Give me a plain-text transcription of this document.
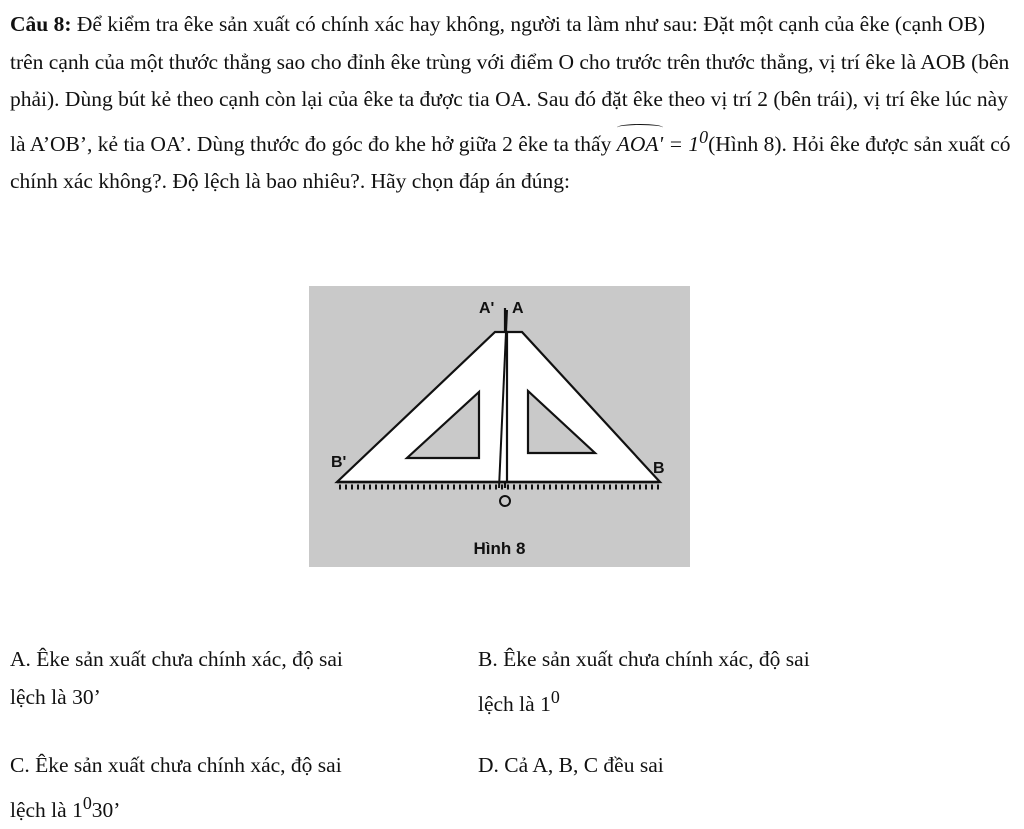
Câu 8: Để kiểm tra êke sản xuất có chính xác hay không, người ta làm như sau: Đặt một cạnh của êke (cạnh OB) trên cạnh của một thước thẳng sao cho đỉnh êke trùng với điểm O cho trước trên thước thẳng, vị trí êke là AOB (bên phải). Dùng bút kẻ theo cạnh còn lại của êke ta được tia OA. Sau đó đặt êke theo vị trí 2 (bên trái), vị trí êke lúc này là A’OB’, kẻ tia OA’. Dùng thước đo góc đo khe hở giữa 2 êke ta thấy $AOA' = 1^0(Hình$ 8). Hỏi êke được sản xuất có chính xác không?. Độ lệch là bao nhiêu?. Hãy chọn đáp án đúng:
A' A
B'	B
Hình 8
A. Êke sản xuất chưa chính xác, độ sai
lệch là 30’
B. Êke sản xuất chưa chính xác, độ sai
lệch là $1^0$
C. Êke sản xuất chưa chính xác, độ sai
lệch là $1^030$’
D. Cả A, B, C đều sai
